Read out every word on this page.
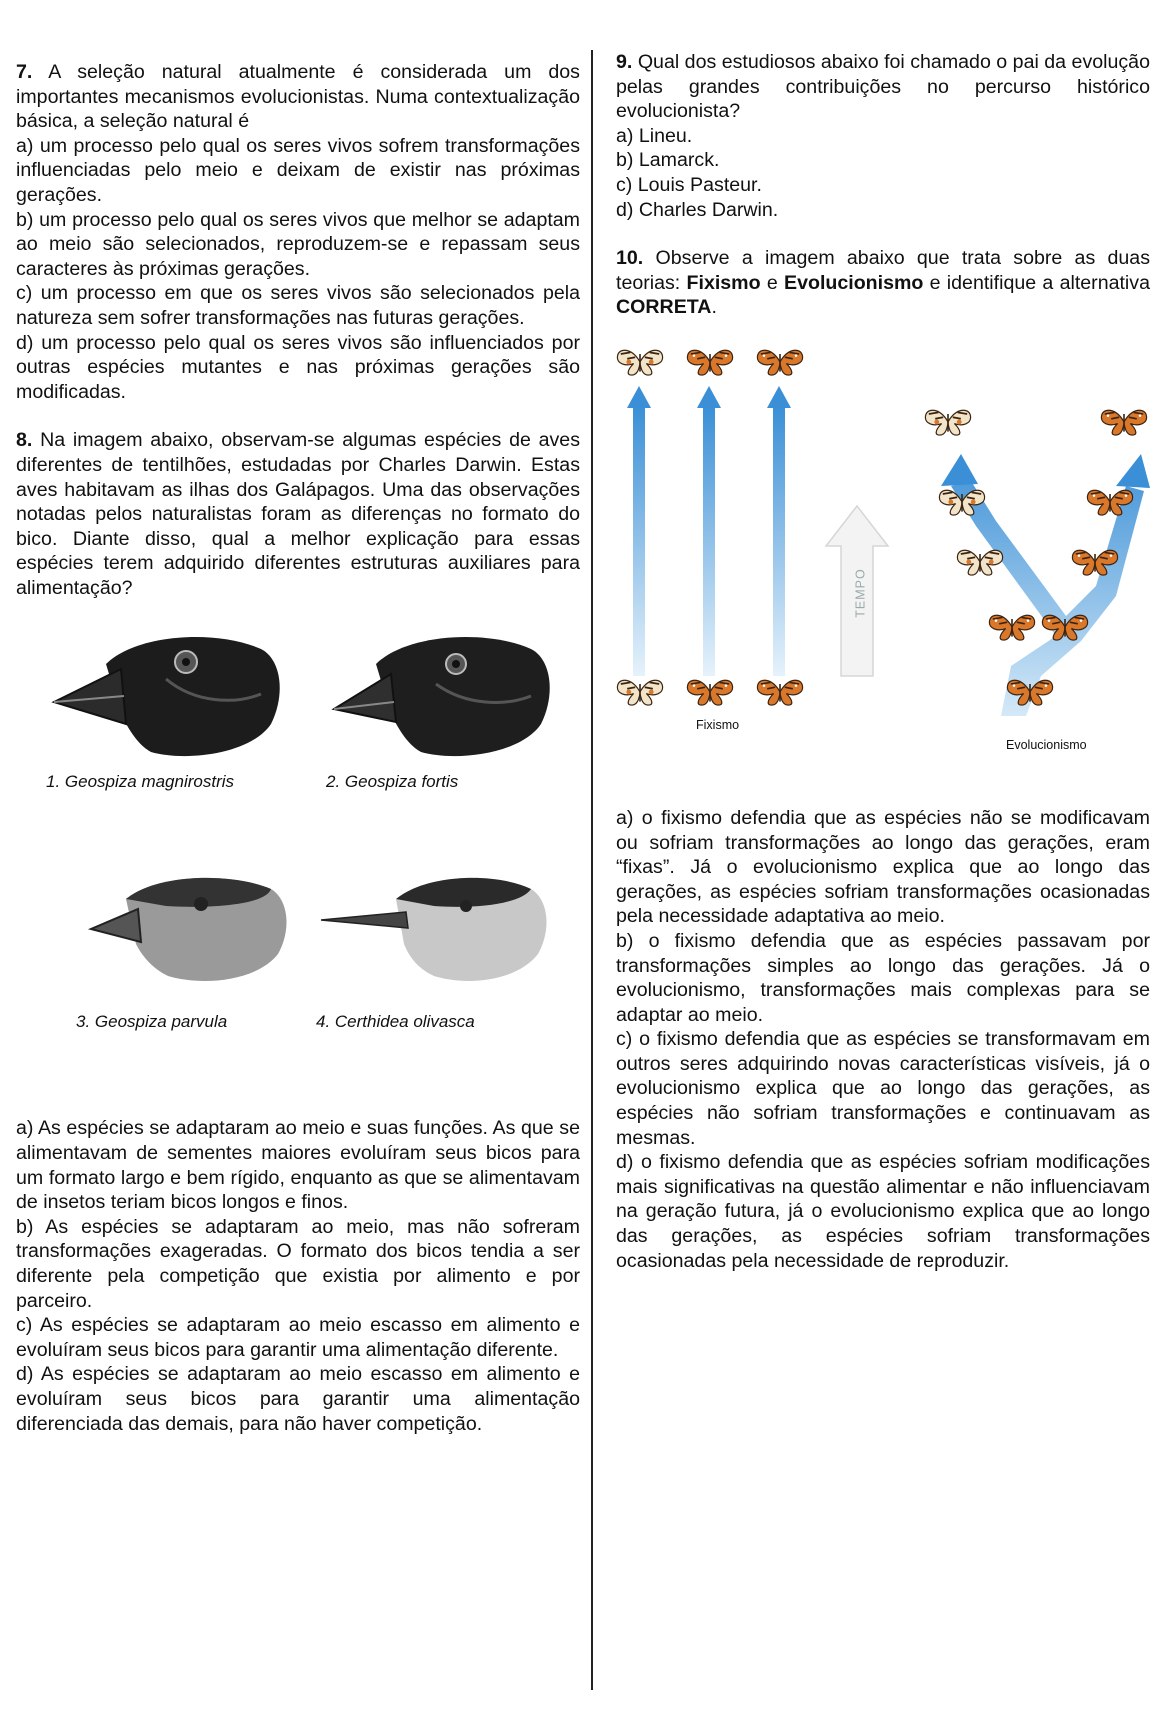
7. A seleção natural atualmente é considerada um dos importantes mecanismos evolucionistas. Numa contextualização básica, a seleção natural é

a) um processo pelo qual os seres vivos sofrem transformações influenciadas pelo meio e deixam de existir nas próximas gerações.

b) um processo pelo qual os seres vivos que melhor se adaptam ao meio são selecionados, reproduzem-se e repassam seus caracteres às próximas gerações.

c) um processo em que os seres vivos são selecionados pela natureza sem sofrer transformações nas futuras gerações.

d) um processo pelo qual os seres vivos são influenciados por outras espécies mutantes e nas próximas gerações são modificadas.

8. Na imagem abaixo, observam-se algumas espécies de aves diferentes de tentilhões, estudadas por Charles Darwin. Estas aves habitavam as ilhas dos Galápagos. Uma das observações notadas pelos naturalistas foram as diferenças no formato do bico. Diante disso, qual a melhor explicação para essas espécies terem adquirido diferentes estruturas auxiliares para alimentação?

1. Geospiza magnirostris	2. Geospiza fortis
3. Geospiza parvula	4. Certhidea olivasca

a) As espécies se adaptaram ao meio e suas funções. As que se alimentavam de sementes maiores evoluíram seus bicos para um formato largo e bem rígido, enquanto as que se alimentavam de insetos teriam bicos longos e finos.

b) As espécies se adaptaram ao meio, mas não sofreram transformações exageradas. O formato dos bicos tendia a ser diferente pela competição que existia por alimento e por parceiro.

c) As espécies se adaptaram ao meio escasso em alimento e evoluíram seus bicos para garantir uma alimentação diferente.

d) As espécies se adaptaram ao meio escasso em alimento e evoluíram seus bicos para garantir uma alimentação diferenciada das demais, para não haver competição.

9. Qual dos estudiosos abaixo foi chamado o pai da evolução pelas grandes contribuições no percurso histórico evolucionista?

a) Lineu.

b) Lamarck.

c) Louis Pasteur.

d) Charles Darwin.

10. Observe a imagem abaixo que trata sobre as duas teorias: Fixismo e Evolucionismo e identifique a alternativa CORRETA.

TEMPO
Fixismo
Evolucionismo

a) o fixismo defendia que as espécies não se modificavam ou sofriam transformações ao longo das gerações, eram “fixas”. Já o evolucionismo explica que ao longo das gerações, as espécies sofriam transformações ocasionadas pela necessidade adaptativa ao meio.

b) o fixismo defendia que as espécies passavam por transformações simples ao longo das gerações. Já o evolucionismo, transformações mais complexas para se adaptar ao meio.

c) o fixismo defendia que as espécies se transformavam em outros seres adquirindo novas características visíveis, já o evolucionismo explica que ao longo das gerações, as espécies não sofriam transformações e continuavam as mesmas.

d) o fixismo defendia que as espécies sofriam modificações mais significativas na questão alimentar e não influenciavam na geração futura, já o evolucionismo explica que ao longo das gerações, as espécies sofriam transformações ocasionadas pela necessidade de reproduzir.
